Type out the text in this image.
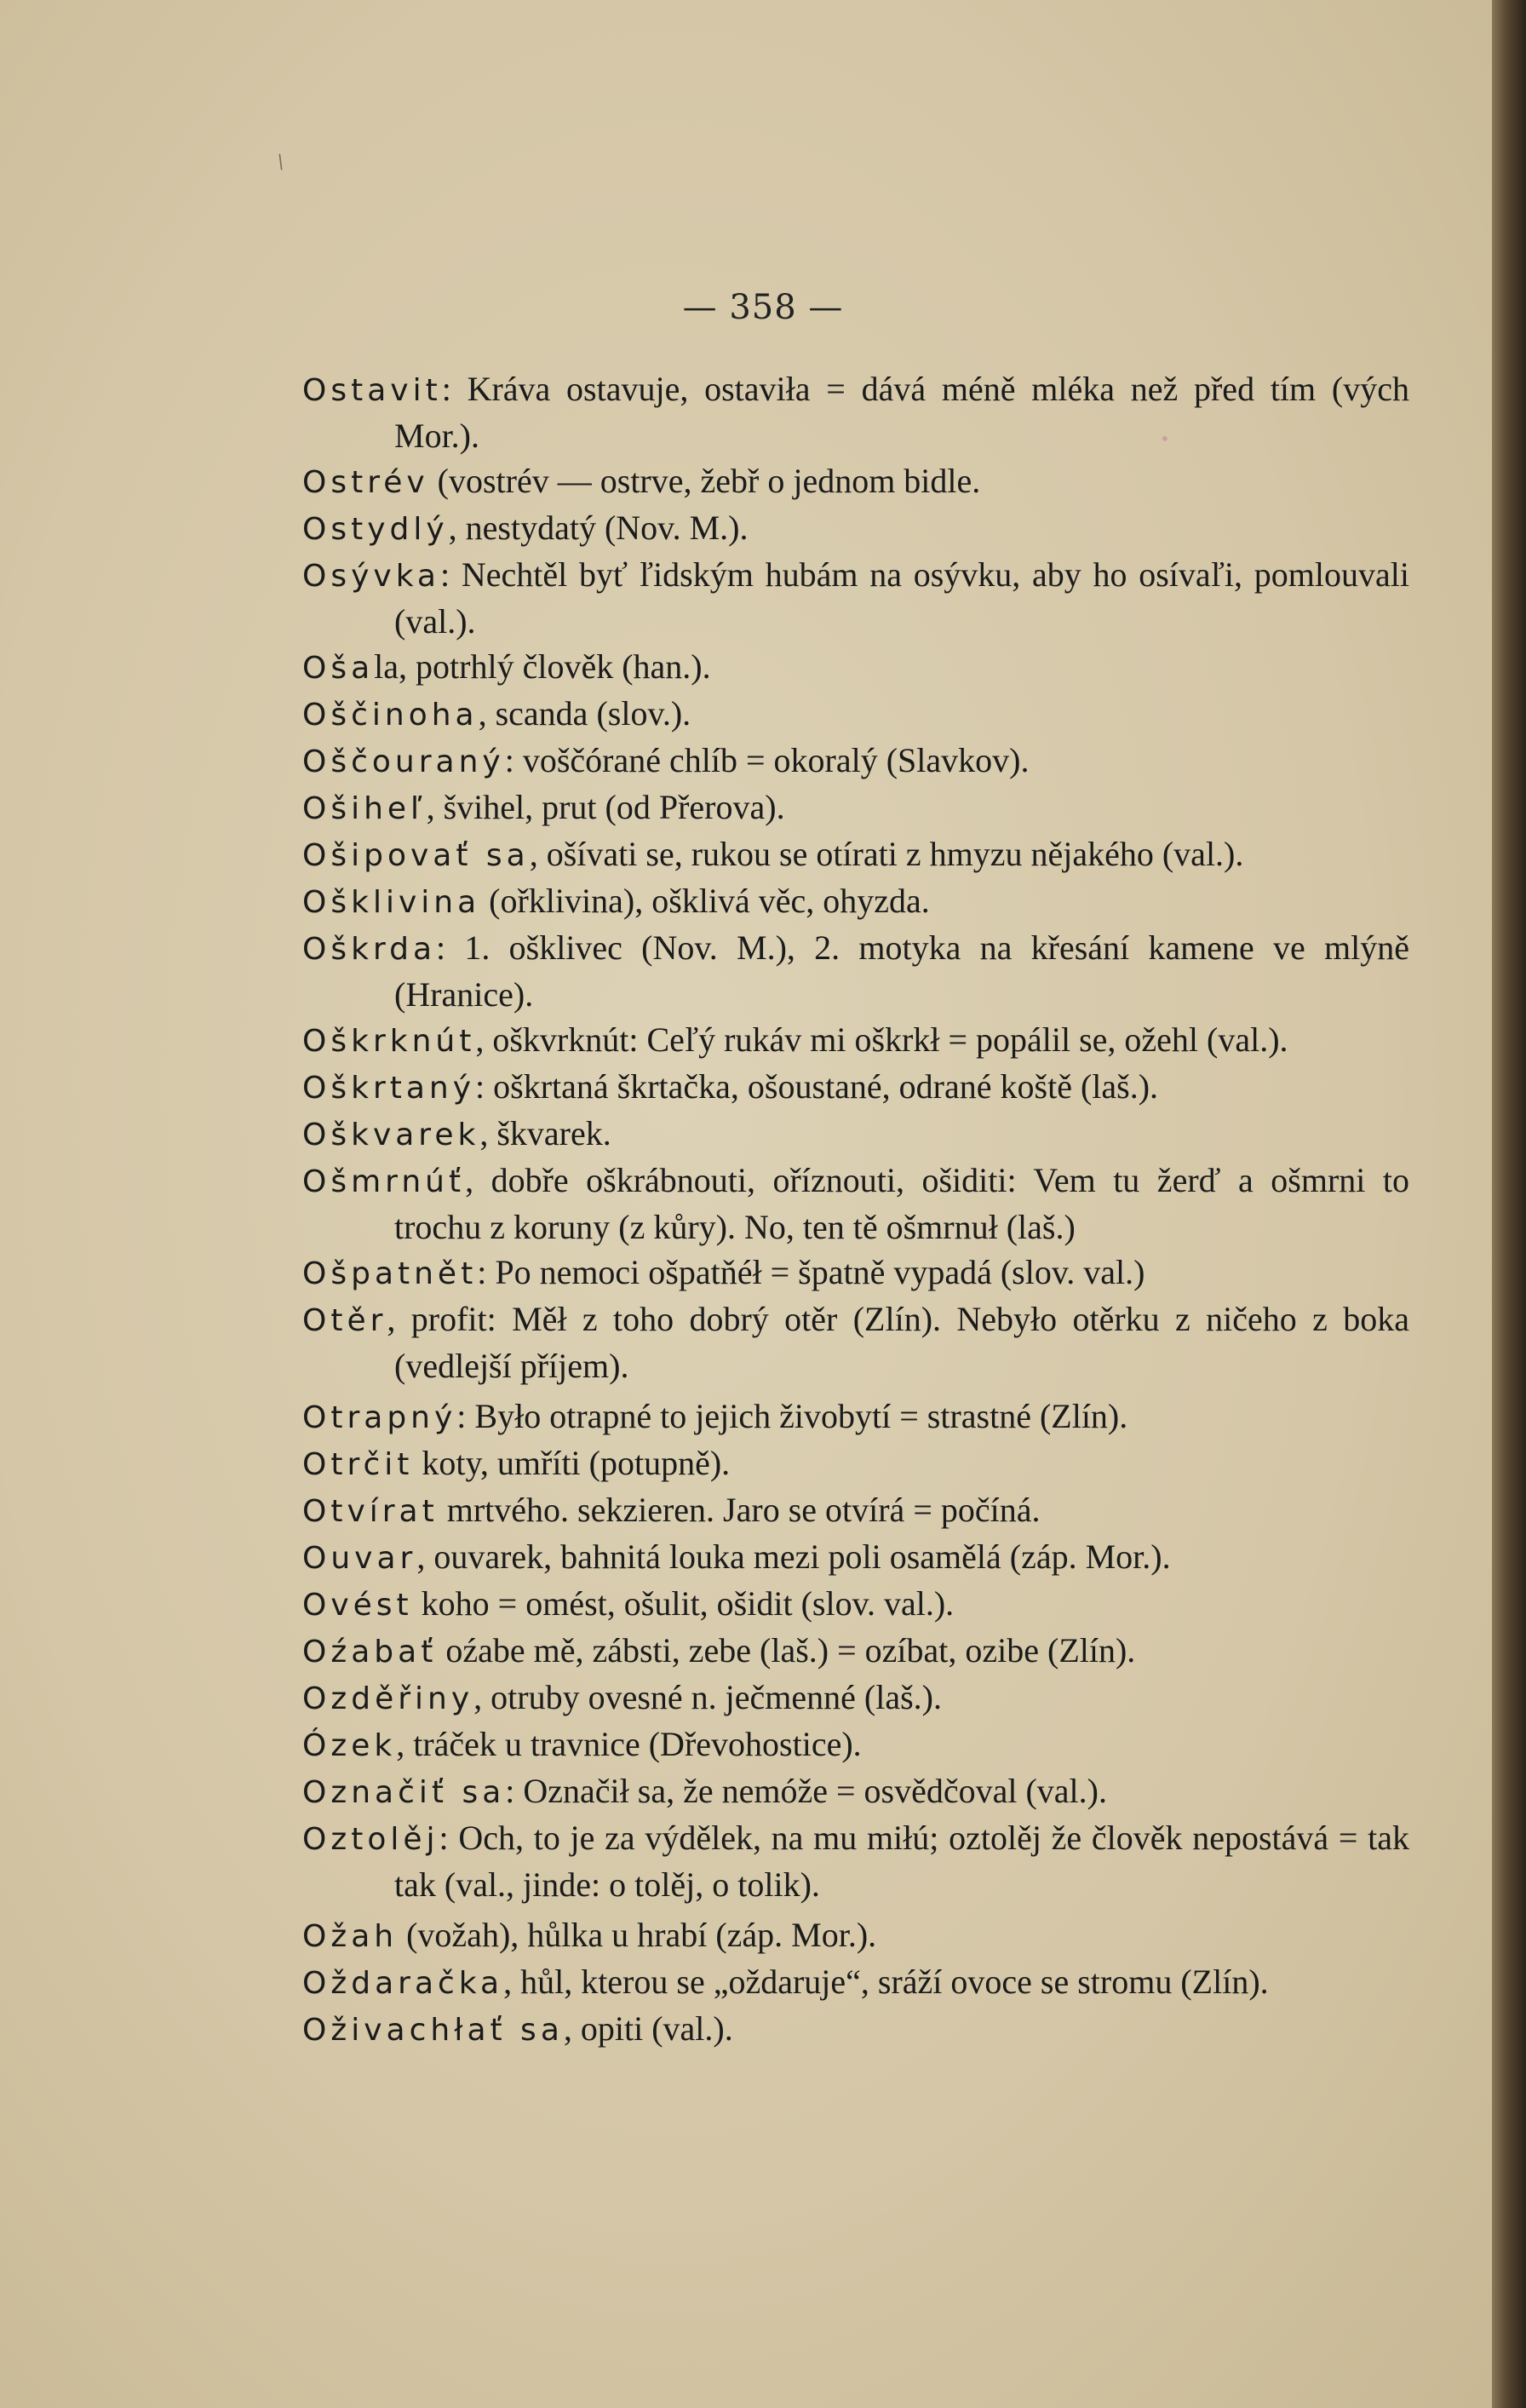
/
•
— 358 —

Ostavit: Kráva ostavuje, ostaviła = dává méně mléka než před tím (vých Mor.).

Ostrév (vostrév — ostrve, žebř o jednom bidle.

Ostydlý, nestydatý (Nov. M.).

Osývka: Nechtěl byť ľidským hubám na osývku, aby ho osívaľi, pomlouvali (val.).

Ošala, potrhlý člověk (han.).

Oščinoha, scanda (slov.).

Oščouraný: voščórané chlíb = okoralý (Slavkov).

Ošiheľ, švihel, prut (od Přerova).

Ošipovať sa, ošívati se, rukou se otírati z hmyzu nějakého (val.).

Ošklivina (ořklivina), ošklivá věc, ohyzda.

Oškrda: 1. ošklivec (Nov. M.), 2. motyka na křesání kamene ve mlýně (Hranice).

Oškrknút, oškvrknút: Ceľý rukáv mi oškrkł = popálil se, ožehl (val.).

Oškrtaný: oškrtaná škrtačka, ošoustané, odrané koště (laš.).

Oškvarek, škvarek.

Ošmrnúť, dobře oškrábnouti, oříznouti, ošiditi: Vem tu žerď a ošmrni to trochu z koruny (z kůry). No, ten tě ošmrnuł (laš.)

Ošpatnět: Po nemoci ošpatňéł = špatně vypadá (slov. val.)

Otěr, profit: Měł z toho dobrý otěr (Zlín). Nebyło otěrku z ničeho z boka (vedlejší příjem).

Otrapný: Było otrapné to jejich živobytí = strastné (Zlín).

Otrčit koty, umříti (potupně).

Otvírat mrtvého. sekzieren. Jaro se otvírá = počíná.

Ouvar, ouvarek, bahnitá louka mezi poli osamělá (záp. Mor.).

Ovést koho = omést, ošulit, ošidit (slov. val.).

Oźabať oźabe mě, zábsti, zebe (laš.) = ozíbat, ozibe (Zlín).

Ozděřiny, otruby ovesné n. ječmenné (laš.).

Ózek, tráček u travnice (Dřevohostice).

Označiť sa: Označił sa, že nemóže = osvědčoval (val.).

Oztolěj: Och, to je za výdělek, na mu miłú; oztolěj že člověk nepostává = tak tak (val., jinde: o tolěj, o tolik).

Ožah (vožah), hůlka u hrabí (záp. Mor.).

Oždaračka, hůl, kterou se „oždaruje“, sráží ovoce se stromu (Zlín).

Oživachłať sa, opiti (val.).
